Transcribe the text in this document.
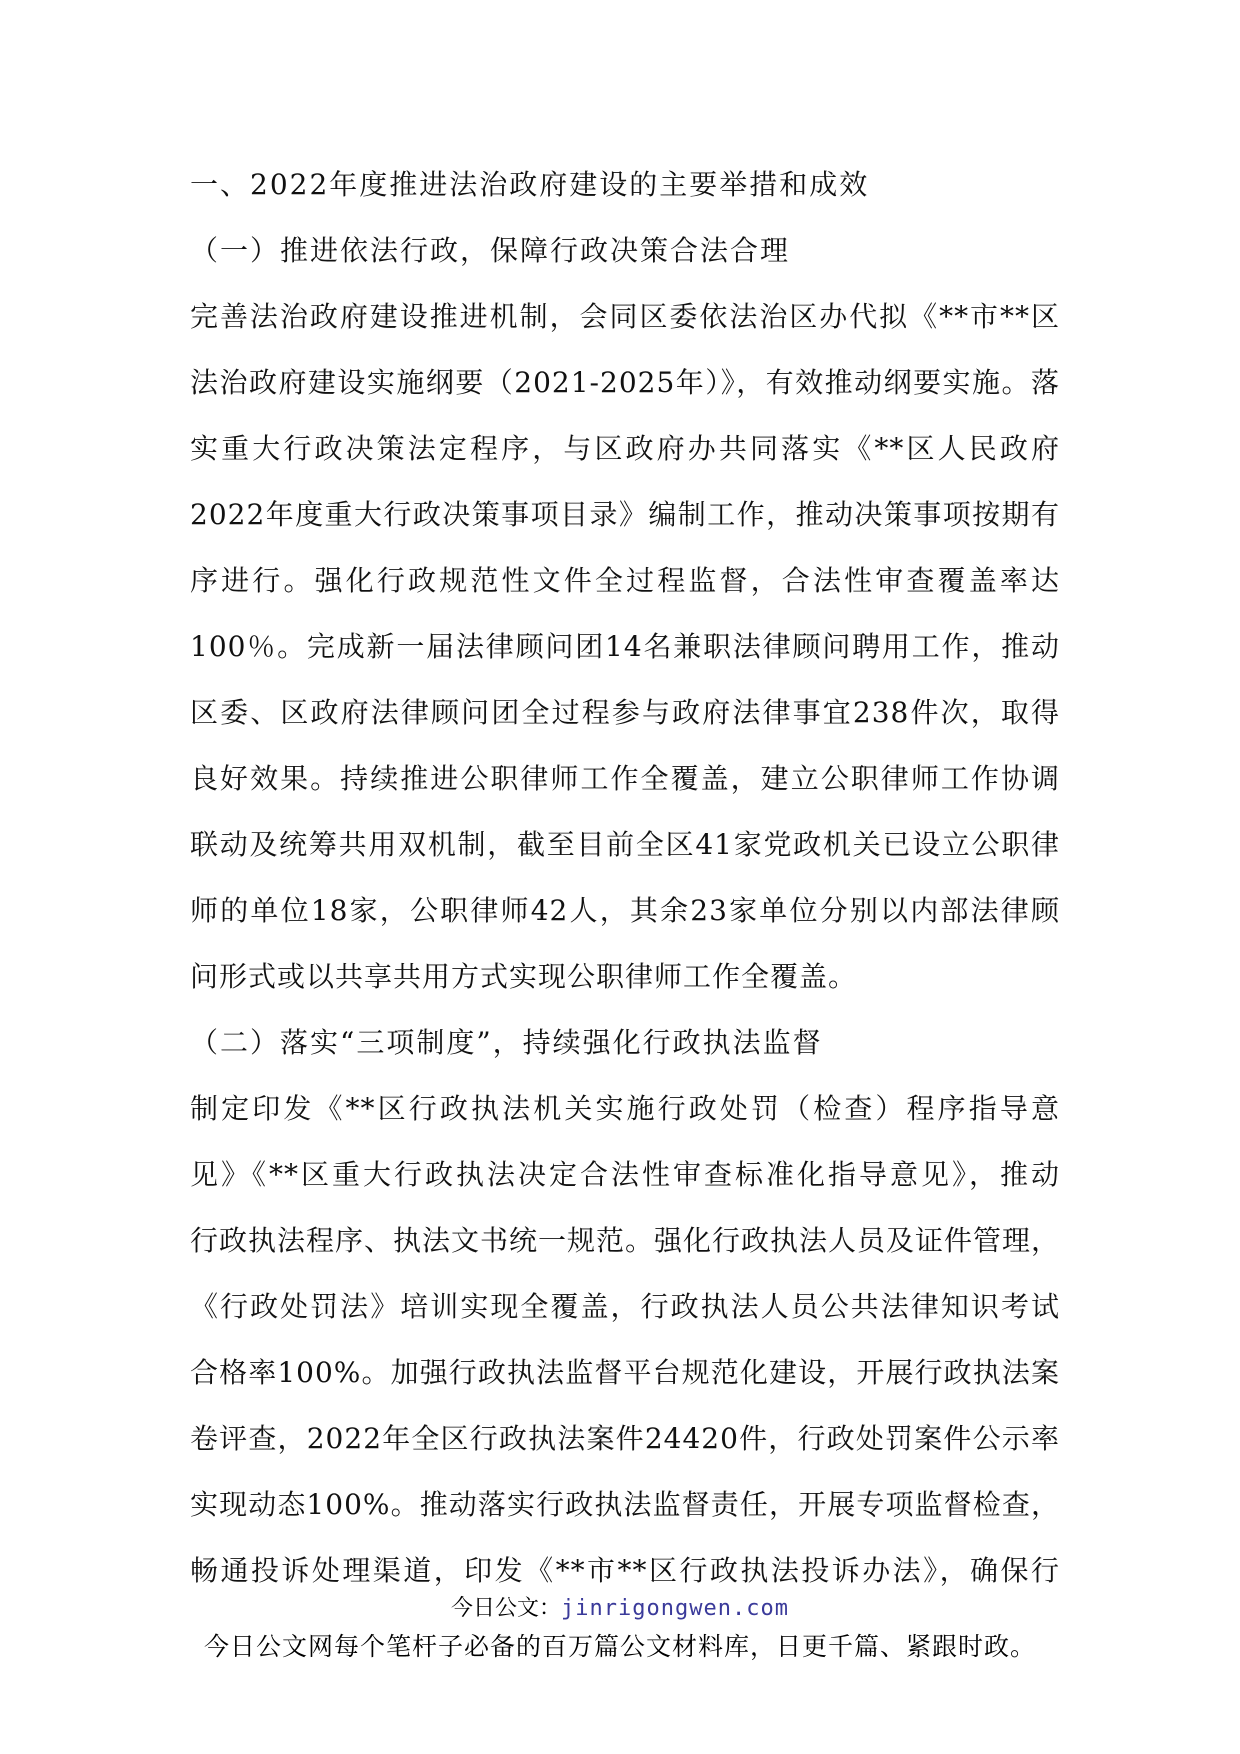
一、2022年度推进法治政府建设的主要举措和成效
（一）推进依法行政，保障行政决策合法合理
完善法治政府建设推进机制，会同区委依法治区办代拟《**市**区
法治政府建设实施纲要（2021-2025年）》，有效推动纲要实施。落
实重大行政决策法定程序，与区政府办共同落实《**区人民政府
2022年度重大行政决策事项目录》编制工作，推动决策事项按期有
序进行。强化行政规范性文件全过程监督，合法性审查覆盖率达
100％。完成新一届法律顾问团14名兼职法律顾问聘用工作，推动
区委、区政府法律顾问团全过程参与政府法律事宜238件次，取得
良好效果。持续推进公职律师工作全覆盖，建立公职律师工作协调
联动及统筹共用双机制，截至目前全区41家党政机关已设立公职律
师的单位18家，公职律师42人，其余23家单位分别以内部法律顾
问形式或以共享共用方式实现公职律师工作全覆盖。
（二）落实“三项制度”，持续强化行政执法监督
制定印发《**区行政执法机关实施行政处罚（检查）程序指导意
见》《**区重大行政执法决定合法性审查标准化指导意见》，推动
行政执法程序、执法文书统一规范。强化行政执法人员及证件管理，
《行政处罚法》培训实现全覆盖，行政执法人员公共法律知识考试
合格率100%。加强行政执法监督平台规范化建设，开展行政执法案
卷评查，2022年全区行政执法案件24420件，行政处罚案件公示率
实现动态100%。推动落实行政执法监督责任，开展专项监督检查，
畅通投诉处理渠道，印发《**市**区行政执法投诉办法》，确保行
今日公文：jinrigongwen.com
今日公文网每个笔杆子必备的百万篇公文材料库，日更千篇、紧跟时政。
